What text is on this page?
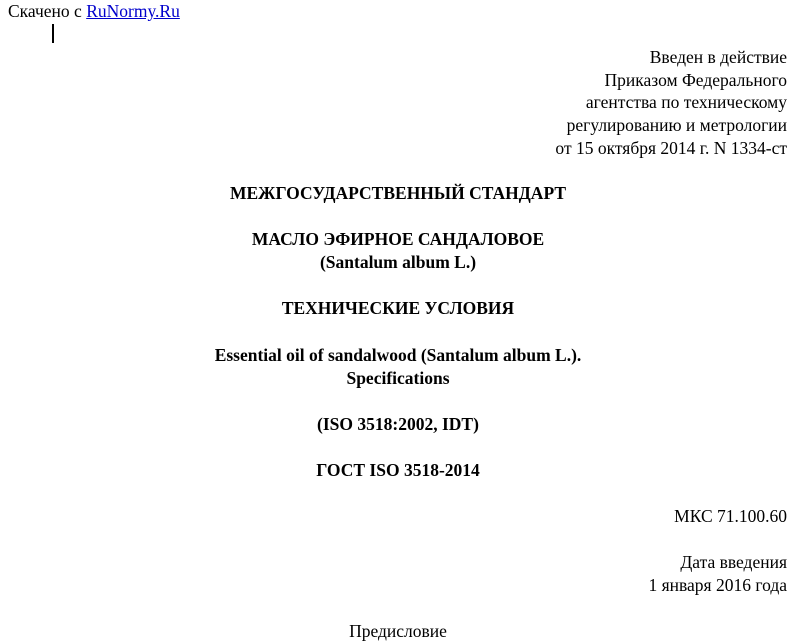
Скачено с RuNormy.Ru
Введен в действие
Приказом Федерального
агентства по техническому
регулированию и метрологии
от 15 октября 2014 г. N 1334-ст
МЕЖГОСУДАРСТВЕННЫЙ СТАНДАРТ
МАСЛО ЭФИРНОЕ САНДАЛОВОЕ
(Santalum album L.)
ТЕХНИЧЕСКИЕ УСЛОВИЯ
Essential oil of sandalwood (Santalum album L.).
Specifications
(ISO 3518:2002, IDT)
ГОСТ ISO 3518-2014
МКС 71.100.60
Дата введения
1 января 2016 года
Предисловие
